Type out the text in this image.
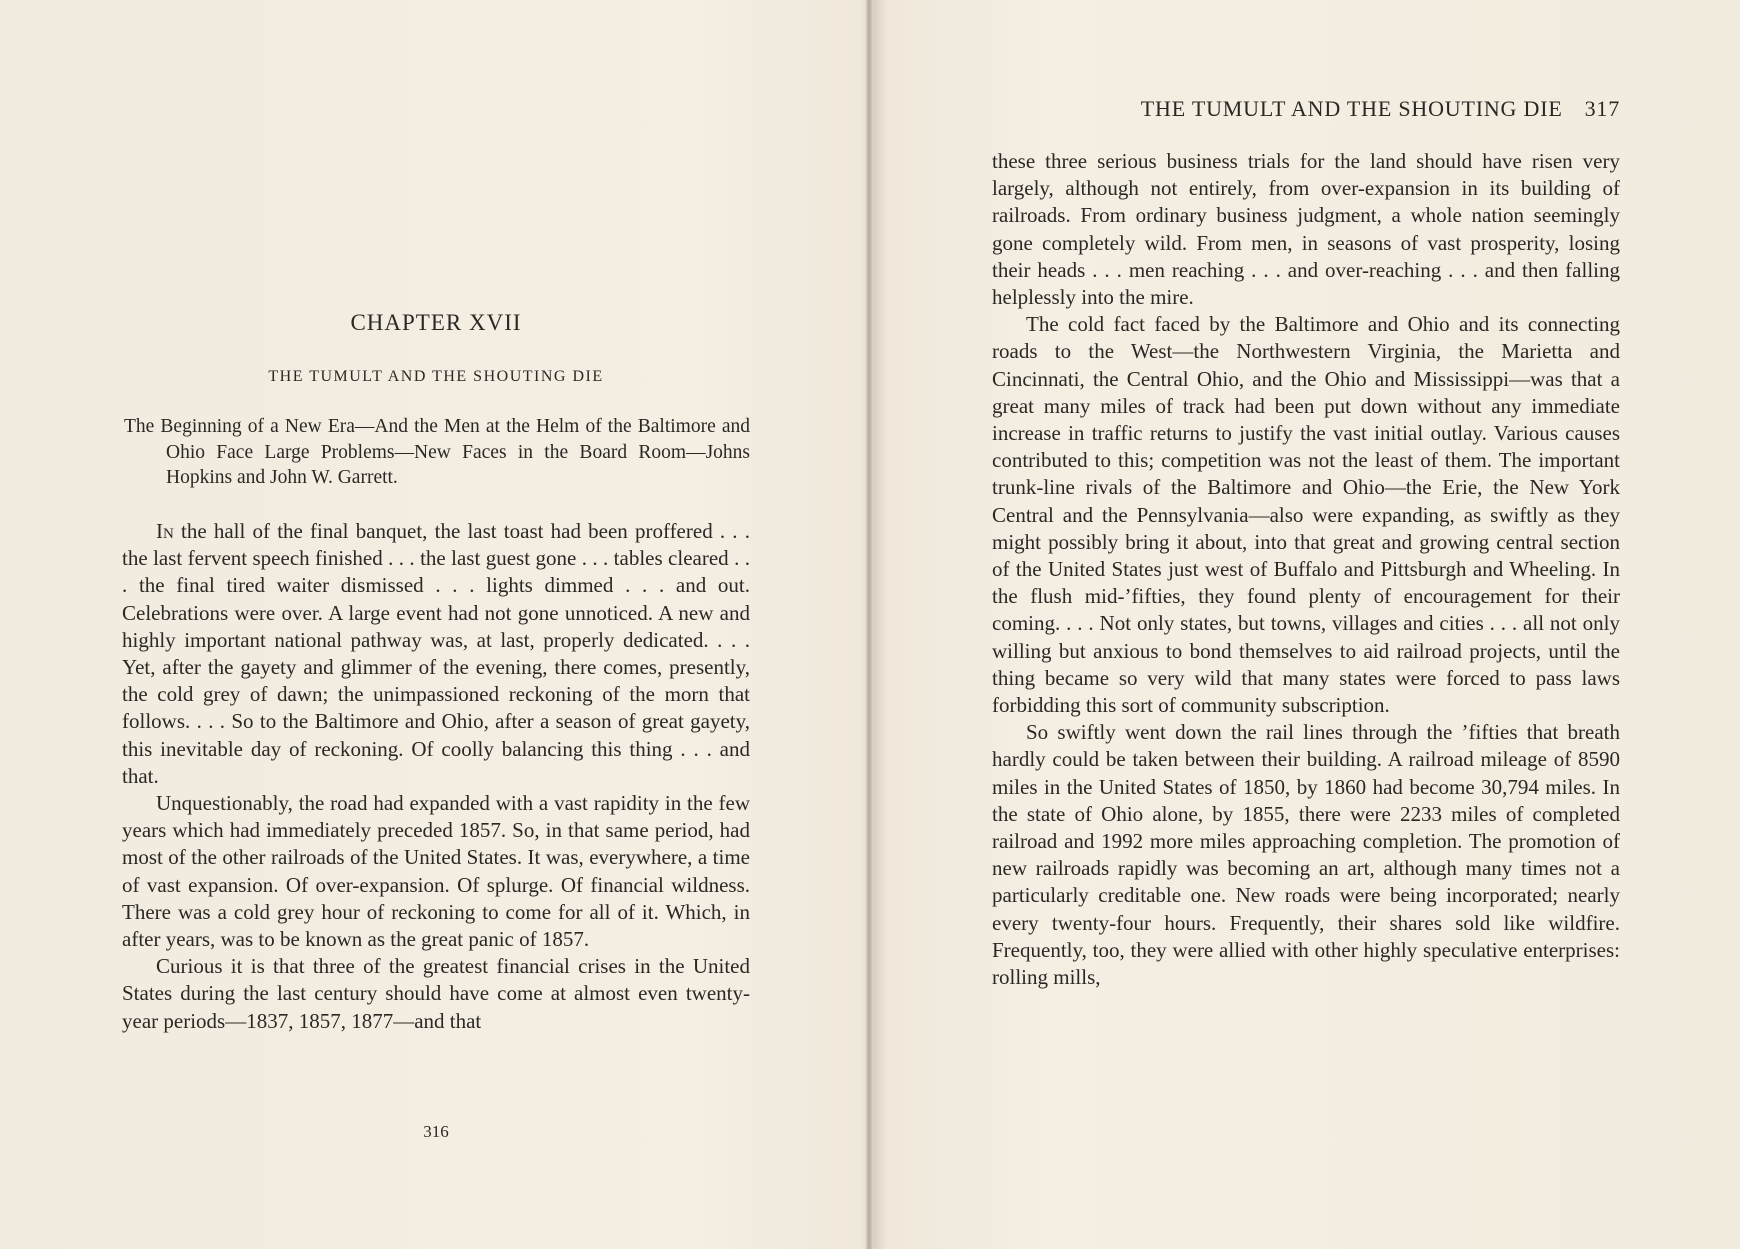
CHAPTER XVII
THE TUMULT AND THE SHOUTING DIE
The Beginning of a New Era—And the Men at the Helm of the Baltimore and Ohio Face Large Problems—New Faces in the Board Room—Johns Hopkins and John W. Garrett.

In the hall of the final banquet, the last toast had been proffered . . . the last fervent speech finished . . . the last guest gone . . . tables cleared . . . the final tired waiter dismissed . . . lights dimmed . . . and out. Celebrations were over. A large event had not gone unnoticed. A new and highly important national pathway was, at last, properly dedicated. . . . Yet, after the gayety and glimmer of the evening, there comes, presently, the cold grey of dawn; the unimpassioned reckoning of the morn that follows. . . . So to the Baltimore and Ohio, after a season of great gayety, this inevitable day of reckoning. Of coolly balancing this thing . . . and that.

Unquestionably, the road had expanded with a vast rapidity in the few years which had immediately preceded 1857. So, in that same period, had most of the other railroads of the United States. It was, everywhere, a time of vast expansion. Of over-expansion. Of splurge. Of financial wildness. There was a cold grey hour of reckoning to come for all of it. Which, in after years, was to be known as the great panic of 1857.

Curious it is that three of the greatest financial crises in the United States during the last century should have come at almost even twenty-year periods—1837, 1857, 1877—and that

316
THE TUMULT AND THE SHOUTING DIE 317

these three serious business trials for the land should have risen very largely, although not entirely, from over-expansion in its building of railroads. From ordinary business judgment, a whole nation seemingly gone completely wild. From men, in seasons of vast prosperity, losing their heads . . . men reaching . . . and over-reaching . . . and then falling helplessly into the mire.

The cold fact faced by the Baltimore and Ohio and its connecting roads to the West—the Northwestern Virginia, the Marietta and Cincinnati, the Central Ohio, and the Ohio and Mississippi—was that a great many miles of track had been put down without any immediate increase in traffic returns to justify the vast initial outlay. Various causes contributed to this; competition was not the least of them. The important trunk-line rivals of the Baltimore and Ohio—the Erie, the New York Central and the Pennsylvania—also were expanding, as swiftly as they might possibly bring it about, into that great and growing central section of the United States just west of Buffalo and Pittsburgh and Wheeling. In the flush mid-’fifties, they found plenty of encouragement for their coming. . . . Not only states, but towns, villages and cities . . . all not only willing but anxious to bond themselves to aid railroad projects, until the thing became so very wild that many states were forced to pass laws forbidding this sort of community subscription.

So swiftly went down the rail lines through the ’fifties that breath hardly could be taken between their building. A railroad mileage of 8590 miles in the United States of 1850, by 1860 had become 30,794 miles. In the state of Ohio alone, by 1855, there were 2233 miles of completed railroad and 1992 more miles approaching completion. The promotion of new railroads rapidly was becoming an art, although many times not a particularly creditable one. New roads were being incorporated; nearly every twenty-four hours. Frequently, their shares sold like wildfire. Frequently, too, they were allied with other highly speculative enterprises: rolling mills,
